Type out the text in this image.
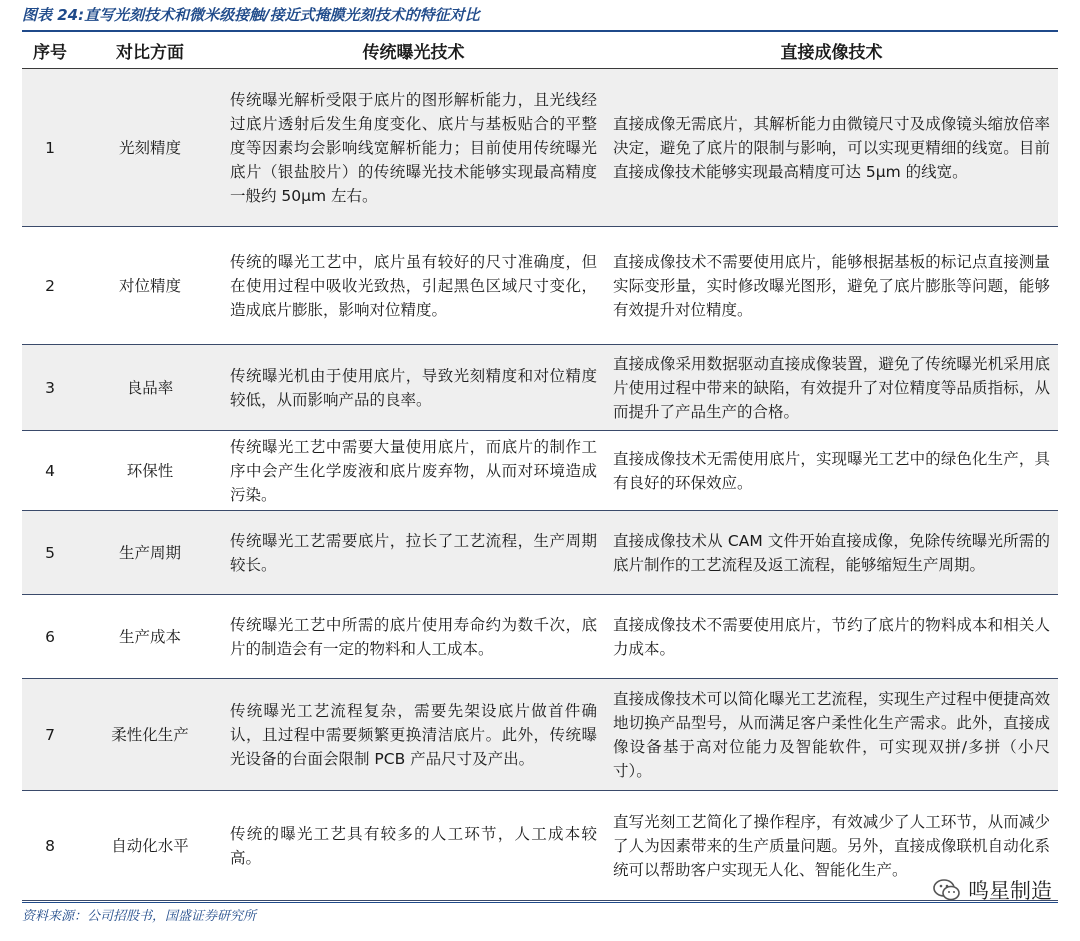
图表 24:直写光刻技术和微米级接触/接近式掩膜光刻技术的特征对比
序号	对比方面	传统曝光技术	直接成像技术
1	光刻精度	传统曝光解析受限于底片的图形解析能力，且光线经过底片透射后发生角度变化、底片与基板贴合的平整度等因素均会影响线宽解析能力；目前使用传统曝光底片（银盐胶片）的传统曝光技术能够实现最高精度一般约 50μm 左右。	直接成像无需底片，其解析能力由微镜尺寸及成像镜头缩放倍率决定，避免了底片的限制与影响，可以实现更精细的线宽。目前直接成像技术能够实现最高精度可达 5μm 的线宽。
2	对位精度	传统的曝光工艺中，底片虽有较好的尺寸准确度，但在使用过程中吸收光致热，引起黑色区域尺寸变化，造成底片膨胀，影响对位精度。	直接成像技术不需要使用底片，能够根据基板的标记点直接测量实际变形量，实时修改曝光图形，避免了底片膨胀等问题，能够有效提升对位精度。
3	良品率	传统曝光机由于使用底片，导致光刻精度和对位精度较低，从而影响产品的良率。	直接成像采用数据驱动直接成像装置，避免了传统曝光机采用底片使用过程中带来的缺陷，有效提升了对位精度等品质指标，从而提升了产品生产的合格。
4	环保性	传统曝光工艺中需要大量使用底片，而底片的制作工序中会产生化学废液和底片废弃物，从而对环境造成污染。	直接成像技术无需使用底片，实现曝光工艺中的绿色化生产，具有良好的环保效应。
5	生产周期	传统曝光工艺需要底片，拉长了工艺流程，生产周期较长。	直接成像技术从 CAM 文件开始直接成像，免除传统曝光所需的底片制作的工艺流程及返工流程，能够缩短生产周期。
6	生产成本	传统曝光工艺中所需的底片使用寿命约为数千次，底片的制造会有一定的物料和人工成本。	直接成像技术不需要使用底片，节约了底片的物料成本和相关人力成本。
7	柔性化生产	传统曝光工艺流程复杂，需要先架设底片做首件确认，且过程中需要频繁更换清洁底片。此外，传统曝光设备的台面会限制 PCB 产品尺寸及产出。	直接成像技术可以简化曝光工艺流程，实现生产过程中便捷高效地切换产品型号，从而满足客户柔性化生产需求。此外，直接成像设备基于高对位能力及智能软件，可实现双拼/多拼（小尺寸）。
8	自动化水平	传统的曝光工艺具有较多的人工环节，人工成本较高。	直写光刻工艺简化了操作程序，有效减少了人工环节，从而减少了人为因素带来的生产质量问题。另外，直接成像联机自动化系统可以帮助客户实现无人化、智能化生产。
资料来源：公司招股书，国盛证券研究所
鸣星制造
